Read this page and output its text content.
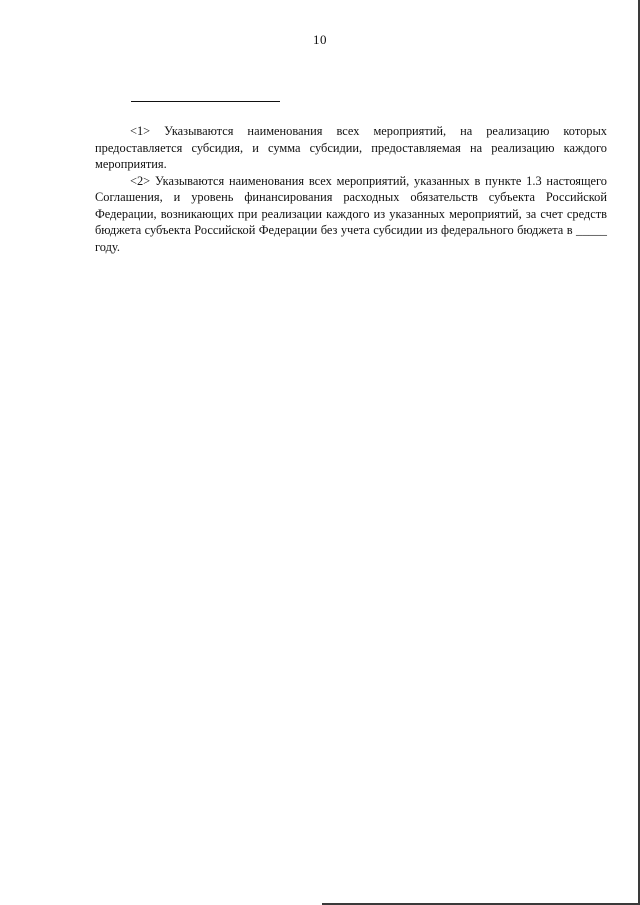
10

<1> Указываются наименования всех мероприятий, на реализацию которых предоставляется субсидия, и сумма субсидии, предоставляемая на реализацию каждого мероприятия.

<2> Указываются наименования всех мероприятий, указанных в пункте 1.3 настоящего Соглашения, и уровень финансирования расходных обязательств субъекта Российской Федерации, возникающих при реализации каждого из указанных мероприятий, за счет средств бюджета субъекта Российской Федерации без учета субсидии из федерального бюджета в _____ году.
